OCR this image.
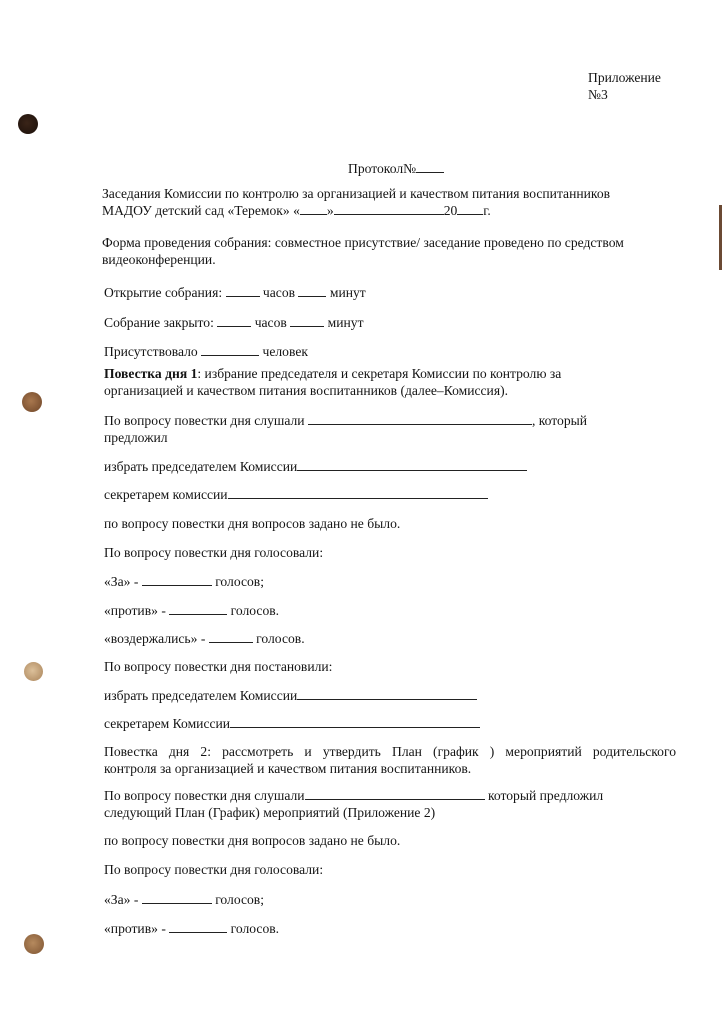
Приложение
№3
Протокол№
Заседания Комиссии по контролю за организацией и качеством питания воспитанников
МАДОУ детский сад «Теремок» « »	20 г.
Форма проведения собрания: совместное присутствие/ заседание проведено по средством
видеоконференции.
Открытие собрания:	часов	минут
Собрание закрыто:	часов	минут
Присутствовало	человек
Повестка дня 1: избрание председателя и секретаря Комиссии по контролю за
организацией и качеством питания воспитанников (далее–Комиссия).
По вопросу повестки дня слушали	, который
предложил
избрать председателем Комиссии
секретарем комиссии
по вопросу повестки дня вопросов задано не было.
По вопросу повестки дня голосовали:
«За» -	голосов;
«против» -	голосов.
«воздержались» -	голосов.
По вопросу повестки дня постановили:
избрать председателем Комиссии
секретарем Комиссии
Повестка дня 2: рассмотреть и утвердить План (график ) мероприятий родительского
контроля за организацией и качеством питания воспитанников.
По вопросу повестки дня слушали	который предложил
следующий План (График) мероприятий (Приложение 2)
по вопросу повестки дня вопросов задано не было.
По вопросу повестки дня голосовали:
«За» -	голосов;
«против» -	голосов.
